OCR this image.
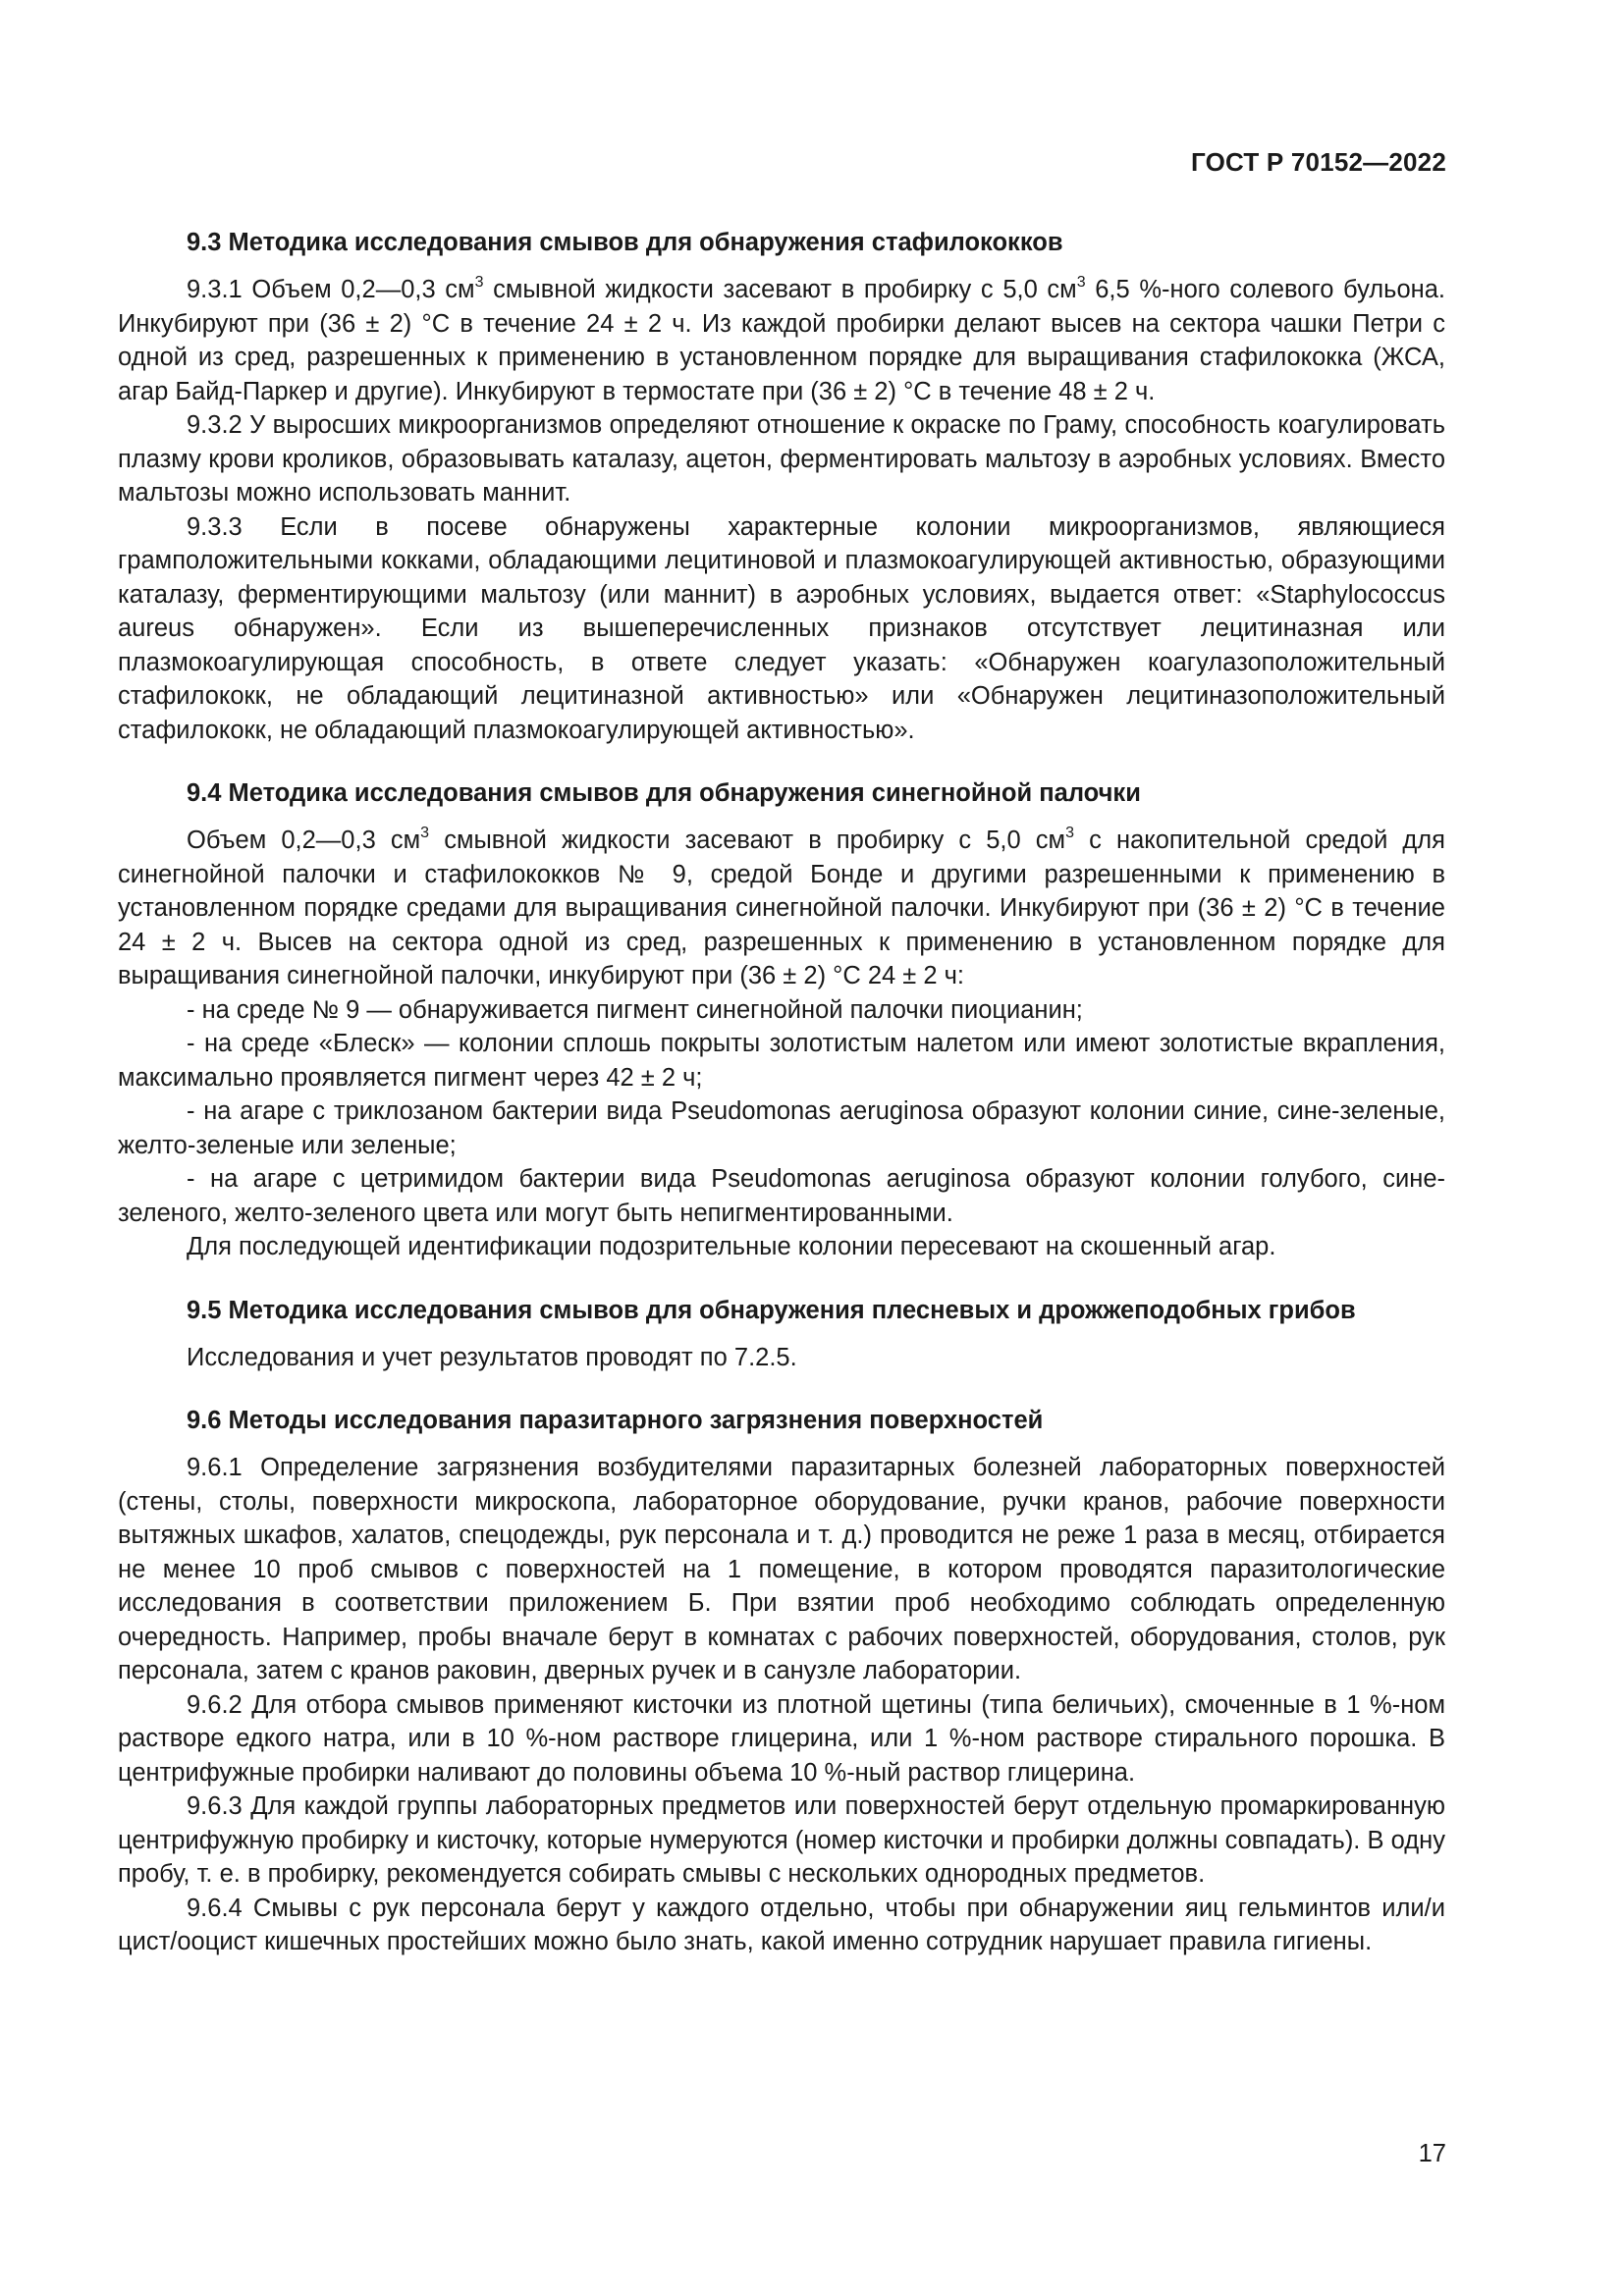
ГОСТ Р 70152—2022
9.3 Методика исследования смывов для обнаружения стафилококков

9.3.1 Объем 0,2—0,3 $см^3$ смывной жидкости засевают в пробирку с 5,0 $см^3$ 6,5 %-ного солевого бульона. Инкубируют при (36 ± 2) °С в течение 24 ± 2 ч. Из каждой пробирки делают высев на сектора чашки Петри с одной из сред, разрешенных к применению в установленном порядке для выращивания стафилококка (ЖСА, агар Байд-Паркер и другие). Инкубируют в термостате при (36 ± 2) °С в течение 48 ± 2 ч.

9.3.2 У выросших микроорганизмов определяют отношение к окраске по Граму, способность коагулировать плазму крови кроликов, образовывать каталазу, ацетон, ферментировать мальтозу в аэробных условиях. Вместо мальтозы можно использовать маннит.

9.3.3 Если в посеве обнаружены характерные колонии микроорганизмов, являющиеся грамположительными кокками, обладающими лецитиновой и плазмокоагулирующей активностью, образующими каталазу, ферментирующими мальтозу (или маннит) в аэробных условиях, выдается ответ: «Staphylococcus aureus обнаружен». Если из вышеперечисленных признаков отсутствует лецитиназная или плазмокоагулирующая способность, в ответе следует указать: «Обнаружен коагулазоположительный стафилококк, не обладающий лецитиназной активностью» или «Обнаружен лецитиназоположительный стафилококк, не обладающий плазмокоагулирующей активностью».

9.4 Методика исследования смывов для обнаружения синегнойной палочки

Объем 0,2—0,3 $см^3$ смывной жидкости засевают в пробирку с 5,0 $см^3$ с накопительной средой для синегнойной палочки и стафилококков № 9, средой Бонде и другими разрешенными к применению в установленном порядке средами для выращивания синегнойной палочки. Инкубируют при (36 ± 2) °С в течение 24 ± 2 ч. Высев на сектора одной из сред, разрешенных к применению в установленном порядке для выращивания синегнойной палочки, инкубируют при (36 ± 2) °С 24 ± 2 ч:

- на среде № 9 — обнаруживается пигмент синегнойной палочки пиоцианин;

- на среде «Блеск» — колонии сплошь покрыты золотистым налетом или имеют золотистые вкрапления, максимально проявляется пигмент через 42 ± 2 ч;

- на агаре с триклозаном бактерии вида Pseudomonas aeruginosa образуют колонии синие, сине-зеленые, желто-зеленые или зеленые;

- на агаре с цетримидом бактерии вида Pseudomonas aeruginosa образуют колонии голубого, сине-зеленого, желто-зеленого цвета или могут быть непигментированными.

Для последующей идентификации подозрительные колонии пересевают на скошенный агар.

9.5 Методика исследования смывов для обнаружения плесневых и дрожжеподобных грибов

Исследования и учет результатов проводят по 7.2.5.

9.6 Методы исследования паразитарного загрязнения поверхностей

9.6.1 Определение загрязнения возбудителями паразитарных болезней лабораторных поверхностей (стены, столы, поверхности микроскопа, лабораторное оборудование, ручки кранов, рабочие поверхности вытяжных шкафов, халатов, спецодежды, рук персонала и т. д.) проводится не реже 1 раза в месяц, отбирается не менее 10 проб смывов с поверхностей на 1 помещение, в котором проводятся паразитологические исследования в соответствии приложением Б. При взятии проб необходимо соблюдать определенную очередность. Например, пробы вначале берут в комнатах с рабочих поверхностей, оборудования, столов, рук персонала, затем с кранов раковин, дверных ручек и в санузле лаборатории.

9.6.2 Для отбора смывов применяют кисточки из плотной щетины (типа беличьих), смоченные в 1 %-ном растворе едкого натра, или в 10 %-ном растворе глицерина, или 1 %-ном растворе стирального порошка. В центрифужные пробирки наливают до половины объема 10 %-ный раствор глицерина.

9.6.3 Для каждой группы лабораторных предметов или поверхностей берут отдельную промаркированную центрифужную пробирку и кисточку, которые нумеруются (номер кисточки и пробирки должны совпадать). В одну пробу, т. е. в пробирку, рекомендуется собирать смывы с нескольких однородных предметов.

9.6.4 Смывы с рук персонала берут у каждого отдельно, чтобы при обнаружении яиц гельминтов или/и цист/ооцист кишечных простейших можно было знать, какой именно сотрудник нарушает правила гигиены.

17
